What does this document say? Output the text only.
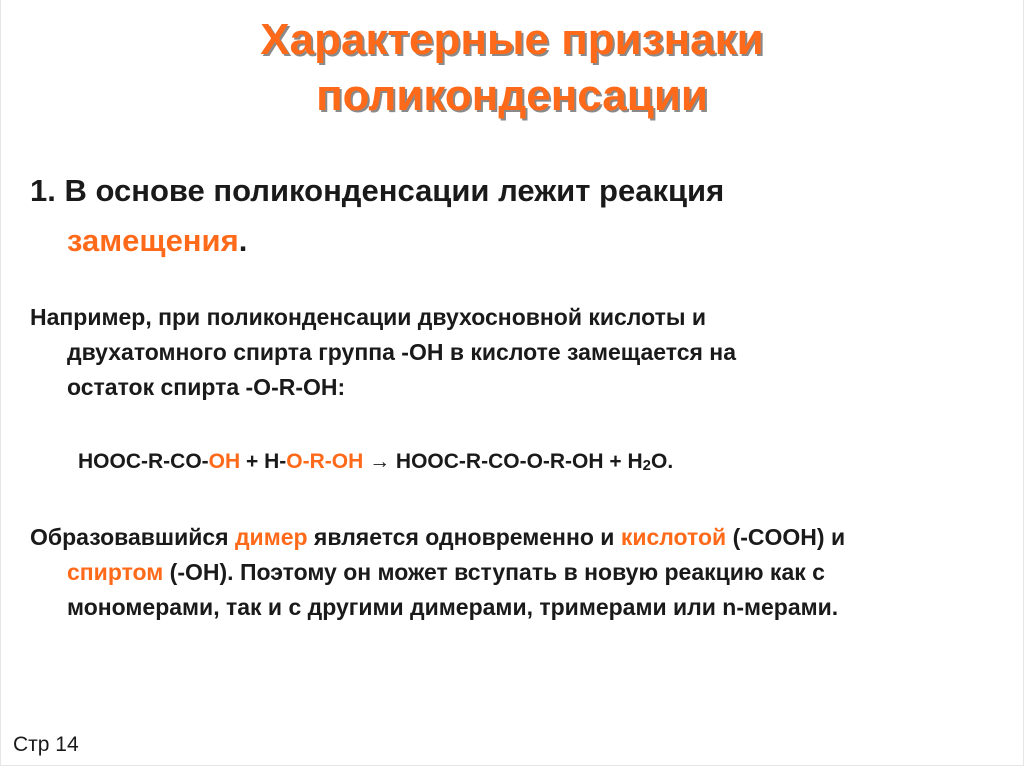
Характерные признаки
поликонденсации
1. В основе поликонденсации лежит реакция
замещения.
Например, при поликонденсации двухосновной кислоты и
двухатомного спирта группа -ОН в кислоте замещается на
остаток спирта -O-R-OH:
HOOC-R-CO-OH + H-O-R-OH → HOOC-R-CO-O-R-OH + $H_2O$.
Образовавшийся димер является одновременно и кислотой (-COOH) и
спиртом (-OH). Поэтому он может вступать в новую реакцию как с
мономерами, так и с другими димерами, тримерами или n-мерами.
Стр 14
